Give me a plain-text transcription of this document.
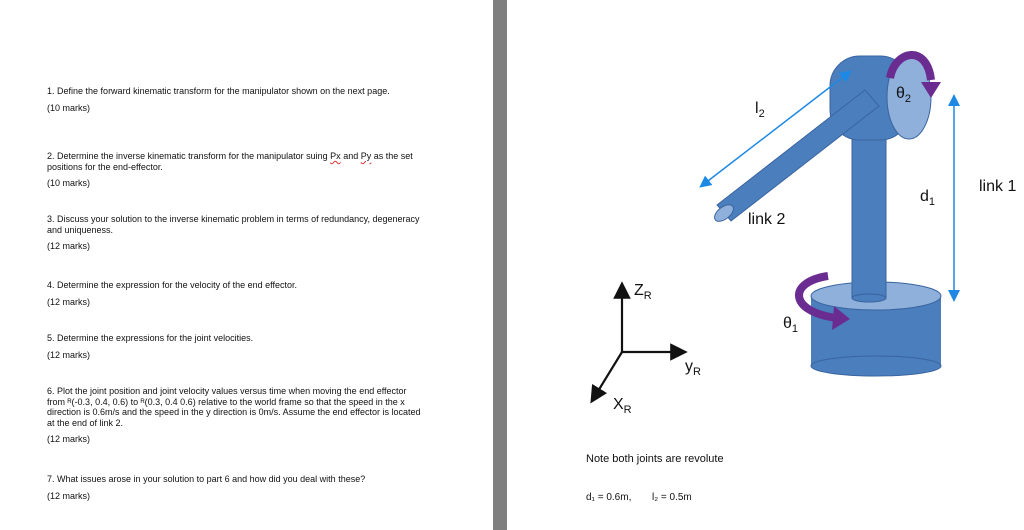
1. Define the forward kinematic transform for the manipulator shown on the next page.
(10 marks)
2. Determine the inverse kinematic transform for the manipulator suing Px and Py as the set positions for the end-effector.
(10 marks)
3. Discuss your solution to the inverse kinematic problem in terms of redundancy, degeneracy and uniqueness.
(12 marks)
4. Determine the expression for the velocity of the end effector.
(12 marks)
5. Determine the expressions for the joint velocities.
(12 marks)
6. Plot the joint position and joint velocity values versus time when moving the end effector from ᴿ(-0.3, 0.4, 0.6) to ᴿ(0.3, 0.4 0.6) relative to the world frame so that the speed in the x direction is 0.6m/s and the speed in the y direction is 0m/s. Assume the end effector is located at the end of link 2.
(12 marks)
7. What issues arose in your solution to part 6 and how did you deal with these?
(12 marks)
$\theta_2$
$l_2$
link 1
$d_1$
link 2
$\theta_1$
$Z_R$
$y_R$
$X_R$
Note both joints are revolute
d₁ = 0.6m, l₂ = 0.5m
